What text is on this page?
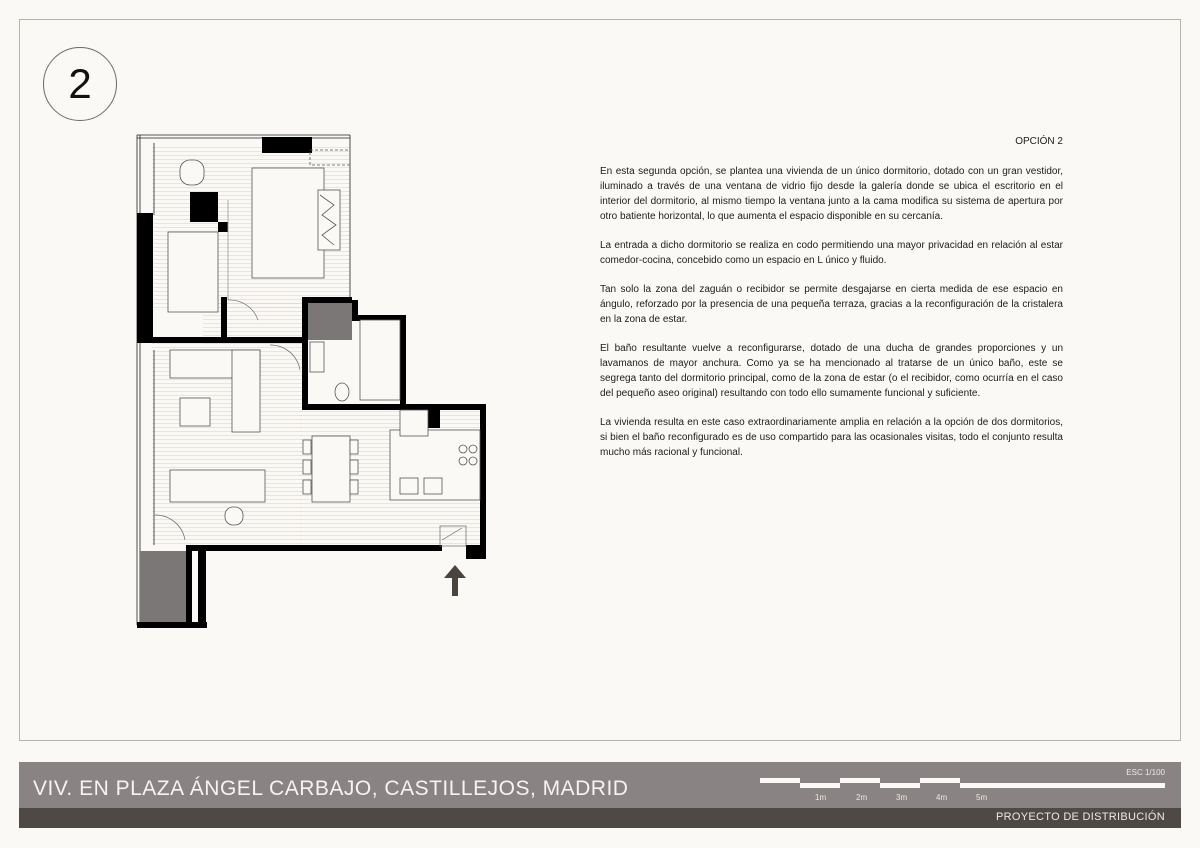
2
OPCIÓN 2

En esta segunda opción, se plantea una vivienda de un único dormitorio, dotado con un gran vestidor, iluminado a través de una ventana de vidrio fijo desde la galería donde se ubica el escritorio en el interior del dormitorio, al mismo tiempo la ventana junto a la cama modifica su sistema de apertura por otro batiente horizontal, lo que aumenta el espacio disponible en su cercanía.

La entrada a dicho dormitorio se realiza en codo permitiendo una mayor privacidad en relación al estar comedor-cocina, concebido como un espacio en L único y fluido.

Tan solo la zona del zaguán o recibidor se permite desgajarse en cierta medida de ese espacio en ángulo, reforzado por la presencia de una pequeña terraza, gracias a la reconfiguración de la cristalera en la zona de estar.

El baño resultante vuelve a reconfigurarse, dotado de una ducha de grandes proporciones y un lavamanos de mayor anchura. Como ya se ha mencionado al tratarse de un único baño, este se segrega tanto del dormitorio principal, como de la zona de estar (o el recibidor, como ocurría en el caso del pequeño aseo original) resultando con todo ello sumamente funcional y suficiente.

La vivienda resulta en este caso extraordinariamente amplia en relación a la opción de dos dormitorios, si bien el baño reconfigurado es de uso compartido para las ocasionales visitas, todo el conjunto resulta mucho más racional y funcional.

VIV. EN PLAZA ÁNGEL CARBAJO, CASTILLEJOS, MADRID
ESC 1/100
1m	2m	3m	4m	5m
PROYECTO DE DISTRIBUCIÓN
